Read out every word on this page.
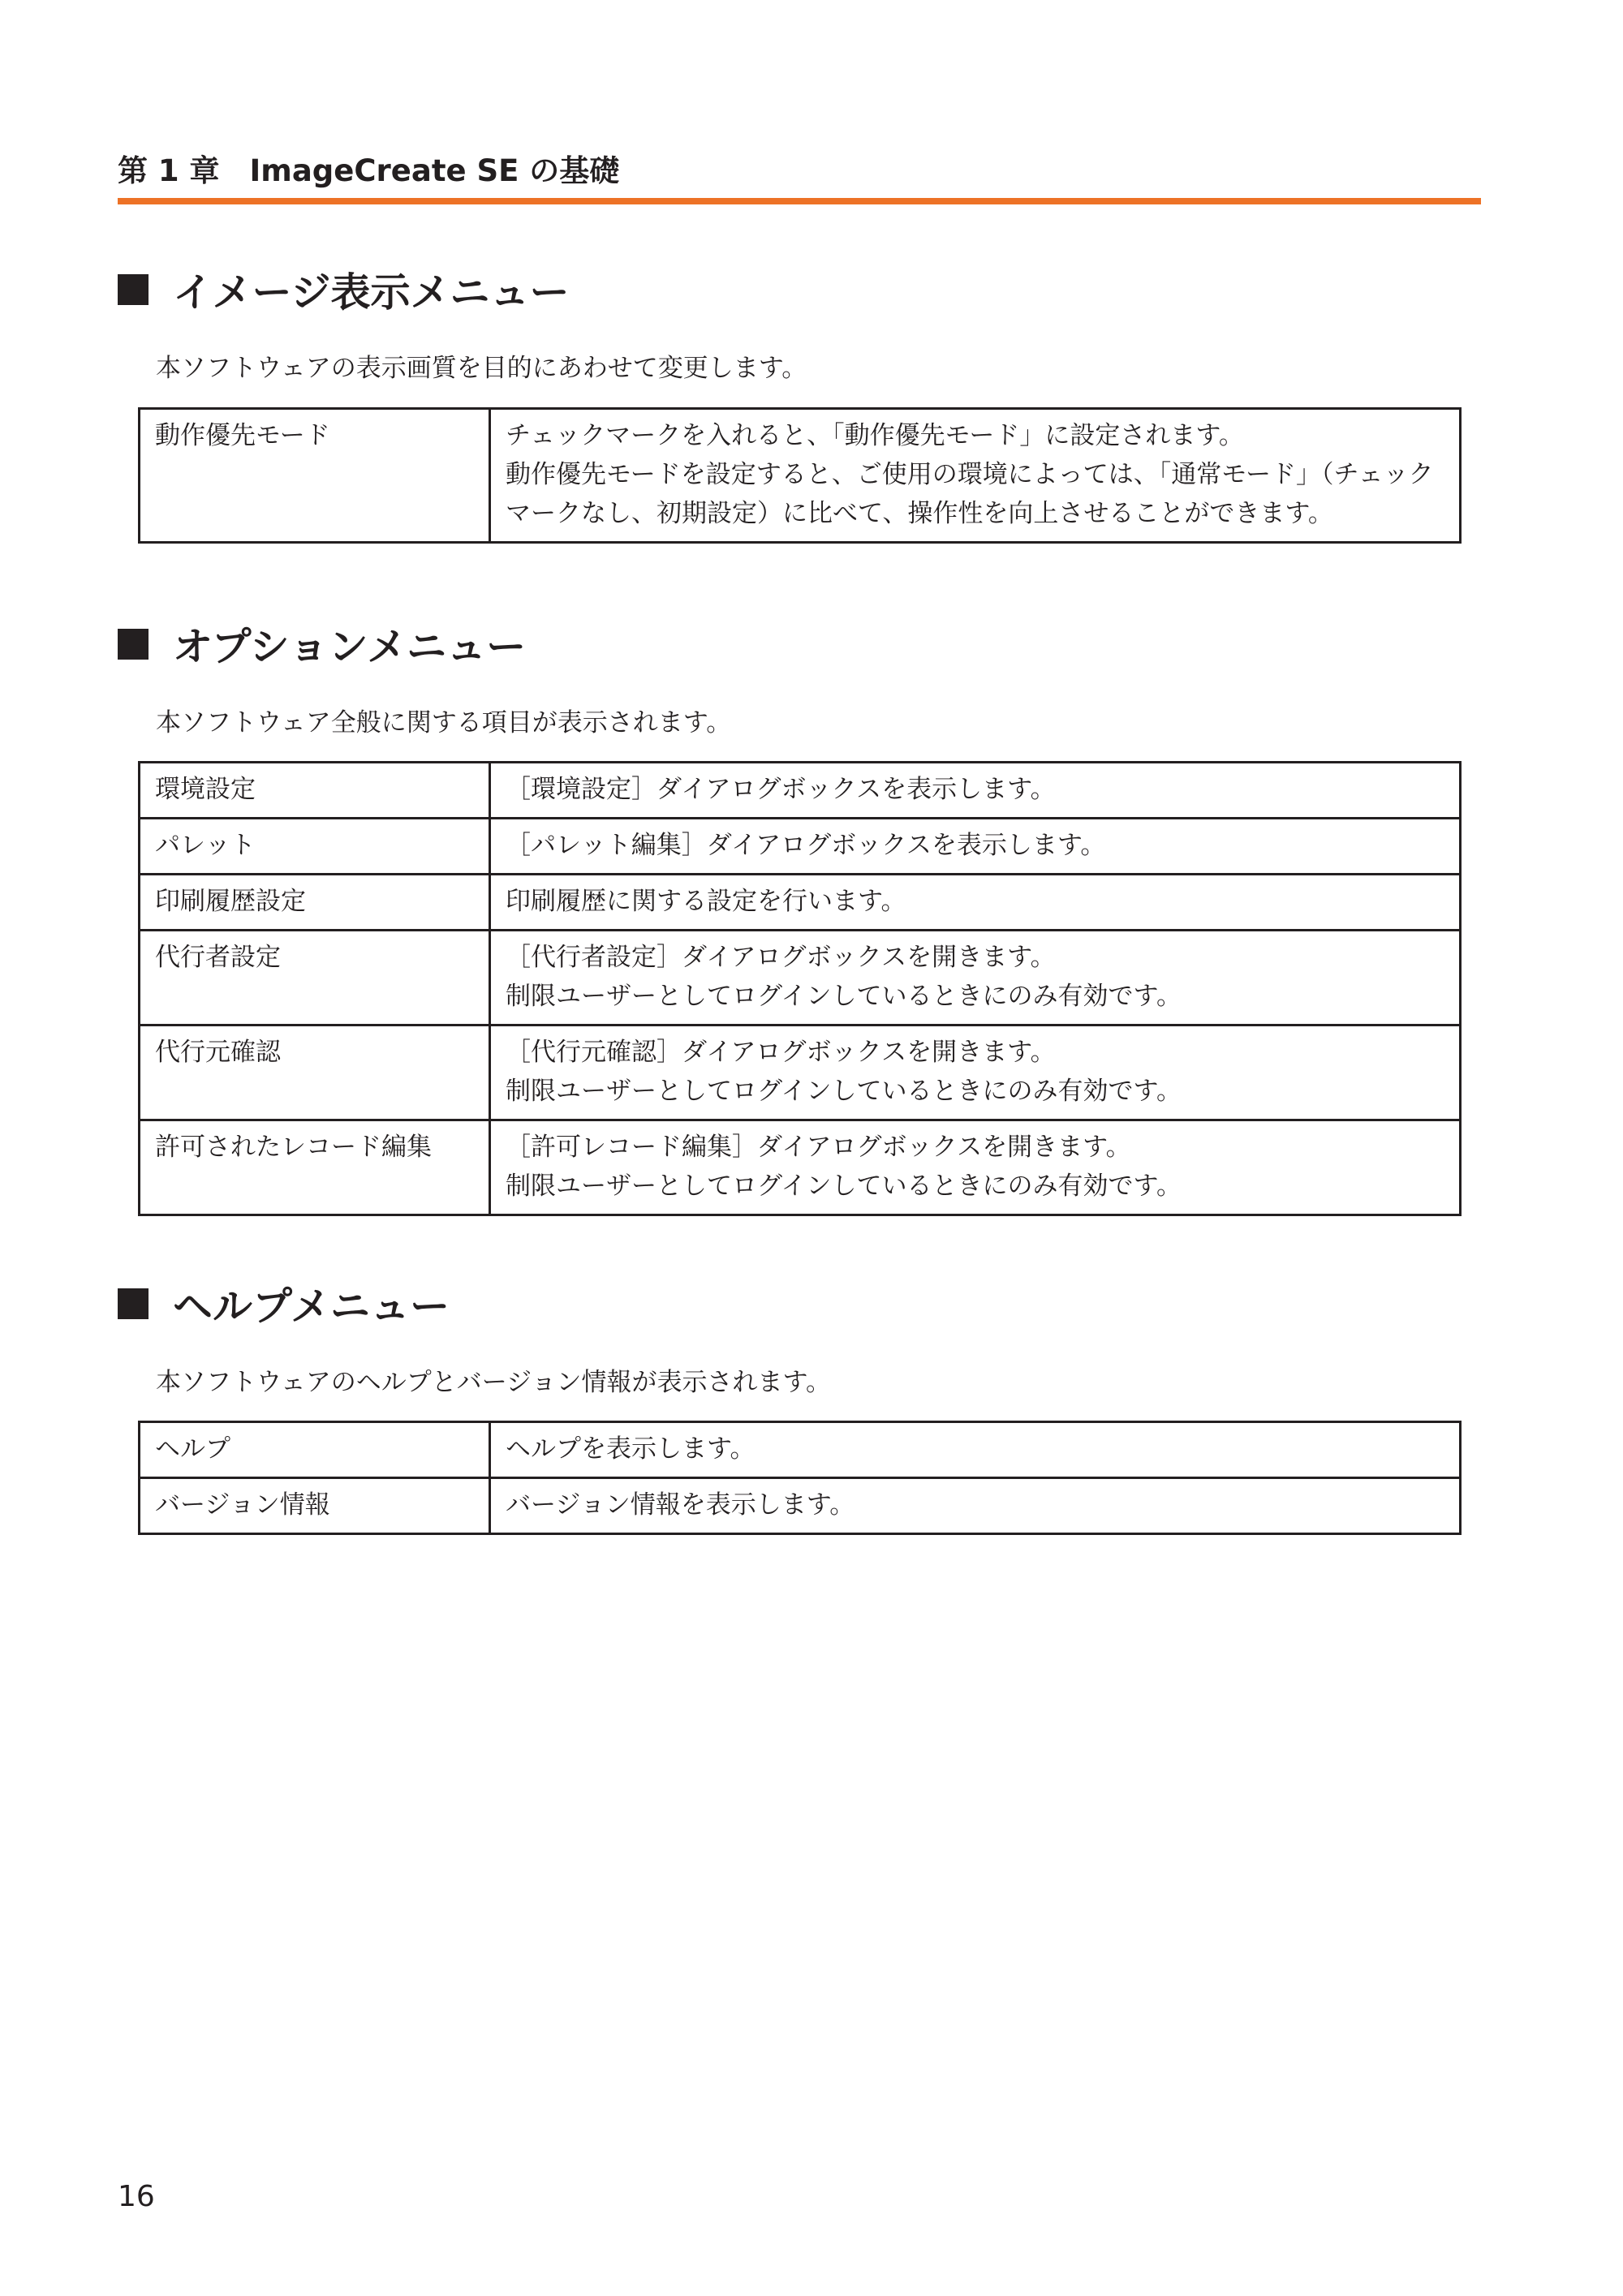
第 1 章　ImageCreate SE の基礎
イメージ表示メニュー
本ソフトウェアの表示画質を目的にあわせて変更します。
動作優先モード	チェックマークを入れると、「動作優先モード」に設定されます。
動作優先モードを設定すると、ご使用の環境によっては、「通常モード」（チェック
マークなし、初期設定）に比べて、操作性を向上させることができます。
オプションメニュー
本ソフトウェア全般に関する項目が表示されます。
環境設定	［環境設定］ダイアログボックスを表示します。

パレット	［パレット編集］ダイアログボックスを表示します。

印刷履歴設定	印刷履歴に関する設定を行います。

代行者設定	［代行者設定］ダイアログボックスを開きます。
制限ユーザーとしてログインしているときにのみ有効です。

代行元確認	［代行元確認］ダイアログボックスを開きます。
制限ユーザーとしてログインしているときにのみ有効です。

許可されたレコード編集	［許可レコード編集］ダイアログボックスを開きます。
制限ユーザーとしてログインしているときにのみ有効です。
ヘルプメニュー
本ソフトウェアのヘルプとバージョン情報が表示されます。
ヘルプ	ヘルプを表示します。

バージョン情報	バージョン情報を表示します。
16
